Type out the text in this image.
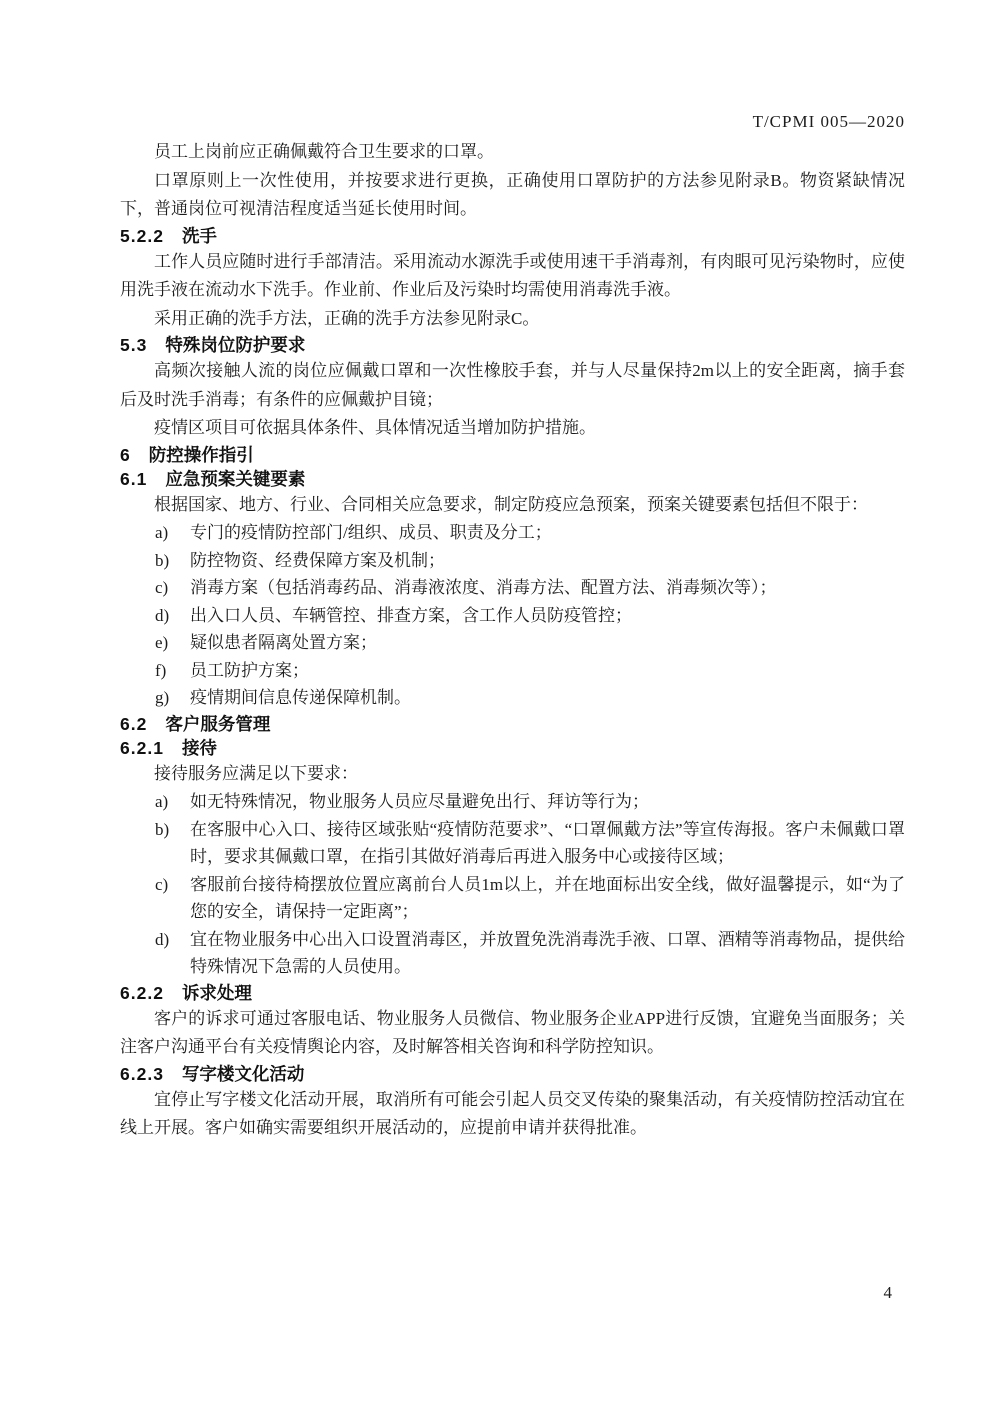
T/CPMI 005—2020

员工上岗前应正确佩戴符合卫生要求的口罩。

口罩原则上一次性使用，并按要求进行更换，正确使用口罩防护的方法参见附录B。物资紧缺情况下，普通岗位可视清洁程度适当延长使用时间。

5.2.2 洗手

工作人员应随时进行手部清洁。采用流动水源洗手或使用速干手消毒剂，有肉眼可见污染物时，应使用洗手液在流动水下洗手。作业前、作业后及污染时均需使用消毒洗手液。

采用正确的洗手方法，正确的洗手方法参见附录C。

5.3 特殊岗位防护要求

高频次接触人流的岗位应佩戴口罩和一次性橡胶手套，并与人尽量保持2m以上的安全距离，摘手套后及时洗手消毒；有条件的应佩戴护目镜；

疫情区项目可依据具体条件、具体情况适当增加防护措施。

6 防控操作指引
6.1 应急预案关键要素

根据国家、地方、行业、合同相关应急要求，制定防疫应急预案，预案关键要素包括但不限于：

a) 专门的疫情防控部门/组织、成员、职责及分工；
b) 防控物资、经费保障方案及机制；
c) 消毒方案（包括消毒药品、消毒液浓度、消毒方法、配置方法、消毒频次等）；
d) 出入口人员、车辆管控、排查方案，含工作人员防疫管控；
e) 疑似患者隔离处置方案；
f) 员工防护方案；
g) 疫情期间信息传递保障机制。
6.2 客户服务管理
6.2.1 接待

接待服务应满足以下要求：

a) 如无特殊情况，物业服务人员应尽量避免出行、拜访等行为；
b) 在客服中心入口、接待区域张贴“疫情防范要求”、“口罩佩戴方法”等宣传海报。客户未佩戴口罩时，要求其佩戴口罩，在指引其做好消毒后再进入服务中心或接待区域；
c) 客服前台接待椅摆放位置应离前台人员1m以上，并在地面标出安全线，做好温馨提示，如“为了您的安全，请保持一定距离”；
d) 宜在物业服务中心出入口设置消毒区，并放置免洗消毒洗手液、口罩、酒精等消毒物品，提供给特殊情况下急需的人员使用。
6.2.2 诉求处理

客户的诉求可通过客服电话、物业服务人员微信、物业服务企业APP进行反馈，宜避免当面服务；关注客户沟通平台有关疫情舆论内容，及时解答相关咨询和科学防控知识。

6.2.3 写字楼文化活动

宜停止写字楼文化活动开展，取消所有可能会引起人员交叉传染的聚集活动，有关疫情防控活动宜在线上开展。客户如确实需要组织开展活动的，应提前申请并获得批准。

4
